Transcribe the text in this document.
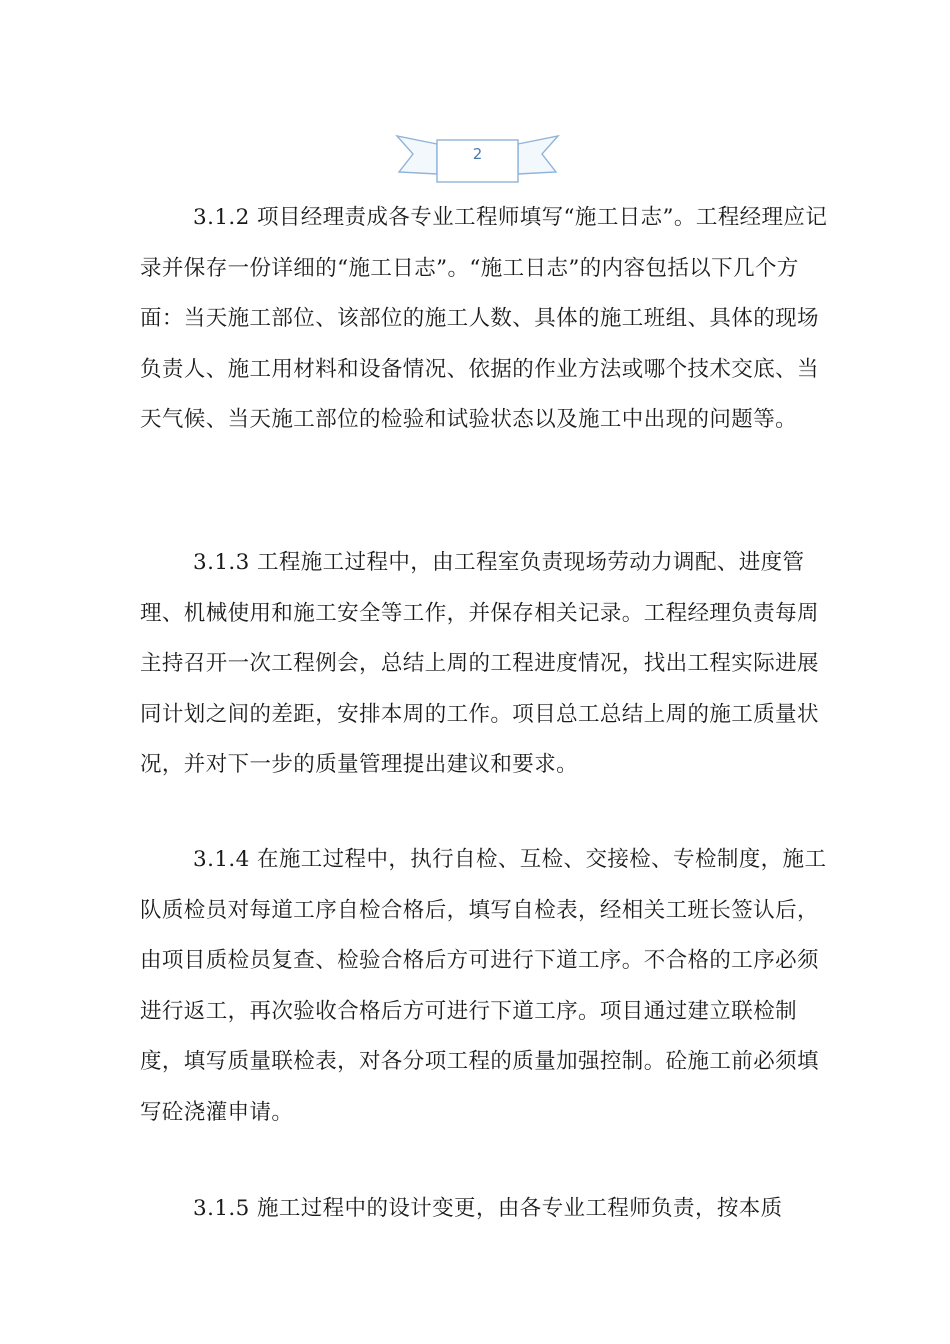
2

3.1.2 项目经理责成各专业工程师填写“施工日志”。工程经理应记录并保存一份详细的“施工日志”。“施工日志”的内容包括以下几个方面：当天施工部位、该部位的施工人数、具体的施工班组、具体的现场负责人、施工用材料和设备情况、依据的作业方法或哪个技术交底、当天气候、当天施工部位的检验和试验状态以及施工中出现的问题等。

3.1.3 工程施工过程中，由工程室负责现场劳动力调配、进度管理、机械使用和施工安全等工作，并保存相关记录。工程经理负责每周主持召开一次工程例会，总结上周的工程进度情况，找出工程实际进展同计划之间的差距，安排本周的工作。项目总工总结上周的施工质量状况，并对下一步的质量管理提出建议和要求。

3.1.4 在施工过程中，执行自检、互检、交接检、专检制度，施工队质检员对每道工序自检合格后，填写自检表，经相关工班长签认后，由项目质检员复查、检验合格后方可进行下道工序。不合格的工序必须进行返工，再次验收合格后方可进行下道工序。项目通过建立联检制度，填写质量联检表，对各分项工程的质量加强控制。砼施工前必须填写砼浇灌申请。

3.1.5 施工过程中的设计变更，由各专业工程师负责，按本质
